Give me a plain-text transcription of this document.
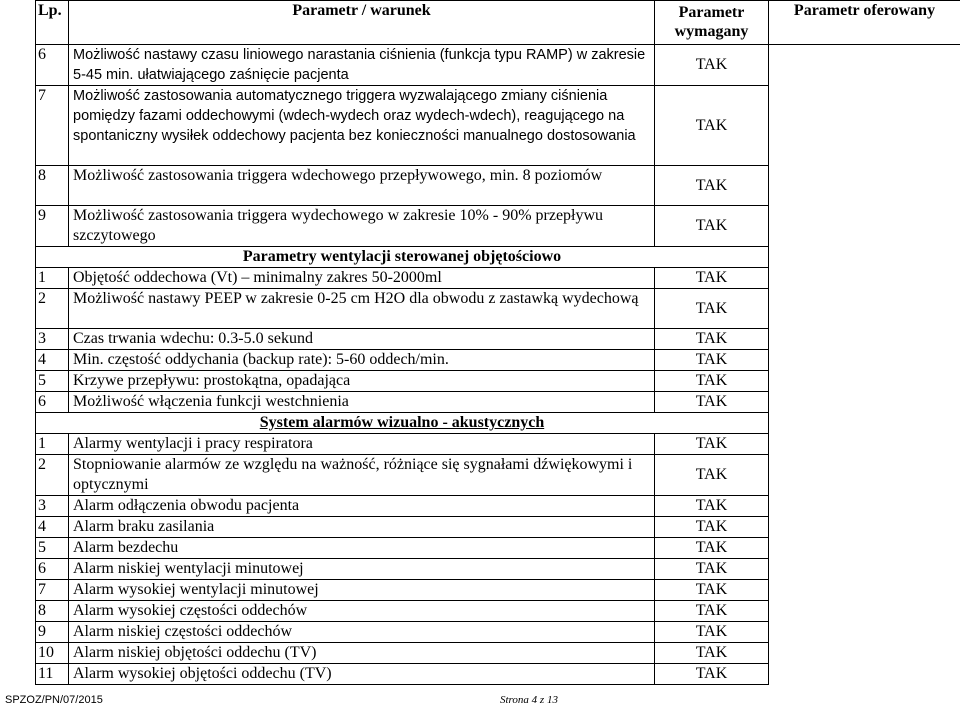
Lp.	Parametr / warunek	Parametr wymagany	Parametr oferowany
6	Możliwość nastawy czasu liniowego narastania ciśnienia (funkcja typu RAMP) w zakresie 5-45 min. ułatwiającego zaśnięcie pacjenta	TAK	
7	Możliwość zastosowania automatycznego triggera wyzwalającego zmiany ciśnienia pomiędzy fazami oddechowymi (wdech-wydech oraz wydech-wdech), reagującego na spontaniczny wysiłek oddechowy pacjenta bez konieczności manualnego dostosowania	TAK	
8	Możliwość zastosowania triggera wdechowego przepływowego, min. 8 poziomów	TAK	
9	Możliwość zastosowania triggera wydechowego w zakresie 10% - 90% przepływu szczytowego	TAK	
Parametry wentylacji sterowanej objętościowo			
1	Objętość oddechowa (Vt) – minimalny zakres 50-2000ml	TAK	
2	Możliwość nastawy PEEP w zakresie 0-25 cm H2O dla obwodu z zastawką wydechową	TAK	
3	Czas trwania wdechu: 0.3-5.0 sekund	TAK	
4	Min. częstość oddychania (backup rate): 5-60 oddech/min.	TAK	
5	Krzywe przepływu: prostokątna, opadająca	TAK	
6	Możliwość włączenia funkcji westchnienia	TAK	
System alarmów wizualno - akustycznych			
1	Alarmy wentylacji i pracy respiratora	TAK	
2	Stopniowanie alarmów ze względu na ważność, różniące się sygnałami dźwiękowymi i optycznymi	TAK	
3	Alarm odłączenia obwodu pacjenta	TAK	
4	Alarm braku zasilania	TAK	
5	Alarm bezdechu	TAK	
6	Alarm niskiej wentylacji minutowej	TAK	
7	Alarm wysokiej wentylacji minutowej	TAK	
8	Alarm wysokiej częstości oddechów	TAK	
9	Alarm niskiej częstości oddechów	TAK	
10	Alarm niskiej objętości oddechu (TV)	TAK	
11	Alarm wysokiej objętości oddechu (TV)	TAK	
SPZOZ/PN/07/2015	Strona 4 z 13
